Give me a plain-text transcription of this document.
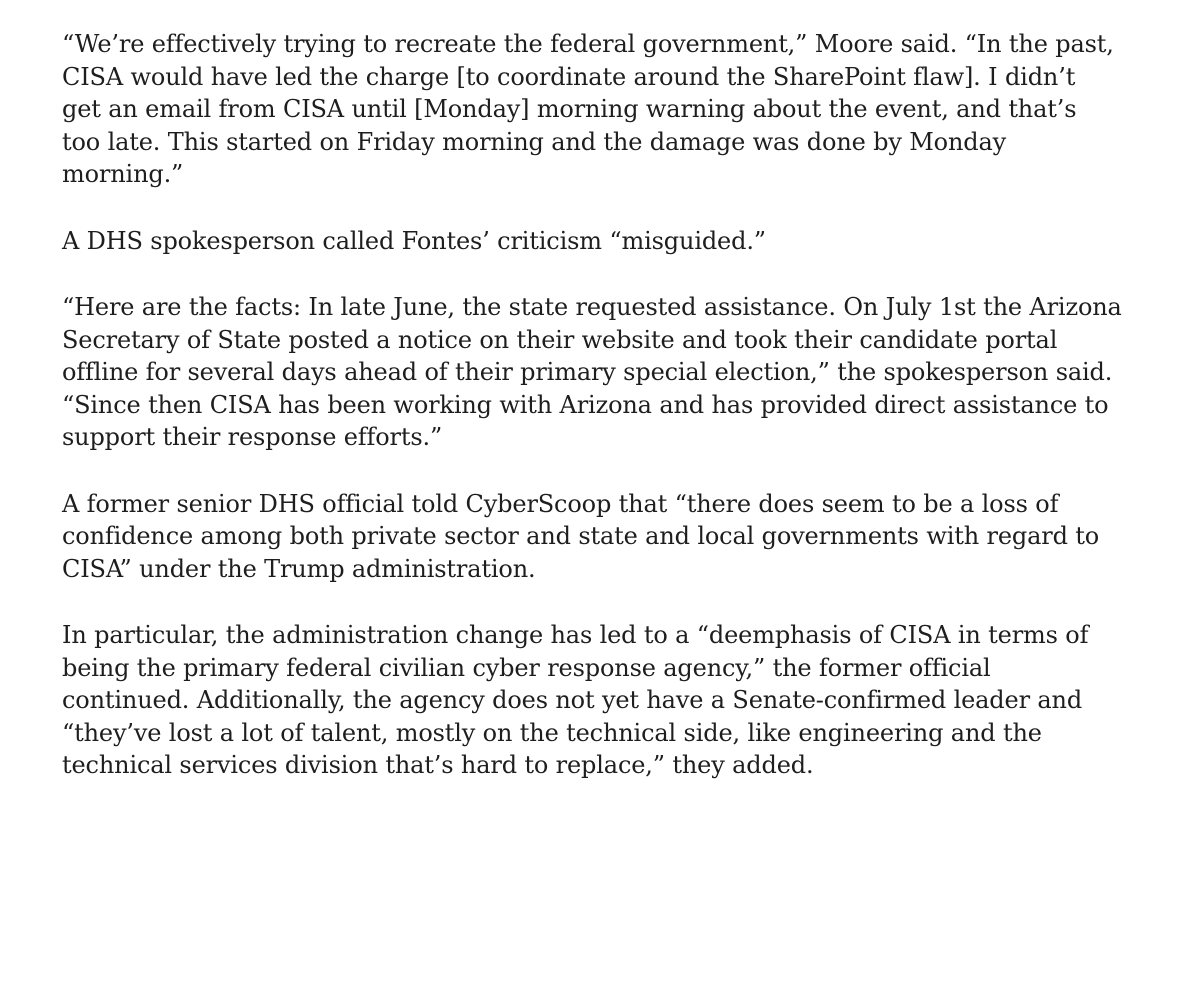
“We’re effectively trying to recreate the federal government,” Moore said. “In the past,
CISA would have led the charge [to coordinate around the SharePoint flaw]. I didn’t
get an email from CISA until [Monday] morning warning about the event, and that’s
too late. This started on Friday morning and the damage was done by Monday
morning.”

A DHS spokesperson called Fontes’ criticism “misguided.”

“Here are the facts: In late June, the state requested assistance. On July 1st the Arizona
Secretary of State posted a notice on their website and took their candidate portal
offline for several days ahead of their primary special election,” the spokesperson said.
“Since then CISA has been working with Arizona and has provided direct assistance to
support their response efforts.”

A former senior DHS official told CyberScoop that “there does seem to be a loss of
confidence among both private sector and state and local governments with regard to
CISA” under the Trump administration.

In particular, the administration change has led to a “deemphasis of CISA in terms of
being the primary federal civilian cyber response agency,” the former official
continued. Additionally, the agency does not yet have a Senate-confirmed leader and
“they’ve lost a lot of talent, mostly on the technical side, like engineering and the
technical services division that’s hard to replace,” they added.
